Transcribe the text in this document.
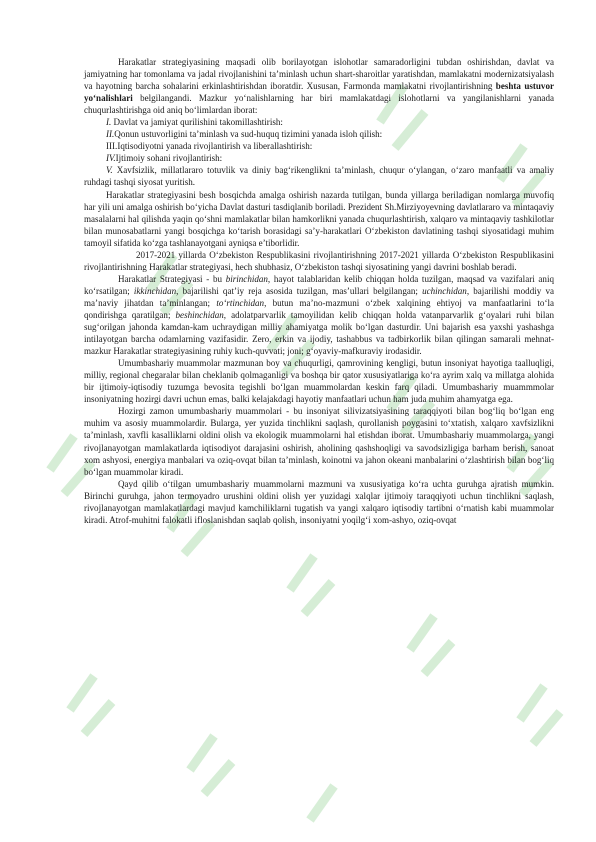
Harakatlar strategiyasining maqsadi olib borilayotgan islohotlar samaradorligini tubdan oshirishdan, davlat va jamiyatning har tomonlama va jadal rivojlanishini ta’minlash uchun shart-sharoitlar yaratishdan, mamlakatni modernizatsiyalash va hayotning barcha sohalarini erkinlashtirishdan iboratdir. Xususan, Farmonda mamlakatni rivojlantirishning beshta ustuvor yo‘nalishlari belgilangandi. Mazkur yo‘nalishlarning har biri mamlakatdagi islohotlarni va yangilanishlarni yanada chuqurlashtirishga oid aniq bo‘limlardan iborat:

I. Davlat va jamiyat qurilishini takomillashtirish:

II.Qonun ustuvorligini ta’minlash va sud-huquq tizimini yanada isloh qilish:

III.Iqtisodiyotni yanada rivojlantirish va liberallashtirish:

IV.Ijtimoiy sohani rivojlantirish:

V. Xavfsizlik, millatlararo totuvlik va diniy bag‘rikenglikni ta’minlash, chuqur o‘ylangan, o‘zaro manfaatli va amaliy ruhdagi tashqi siyosat yuritish.

Harakatlar strategiyasini besh bosqichda amalga oshirish nazarda tutilgan, bunda yillarga beriladigan nomlarga muvofiq har yili uni amalga oshirish bo‘yicha Davlat dasturi tasdiqlanib boriladi. Prezident Sh.Mirziyoyevning davlatlararo va mintaqaviy masalalarni hal qilishda yaqin qo‘shni mamlakatlar bilan hamkorlikni yanada chuqurlashtirish, xalqaro va mintaqaviy tashkilotlar bilan munosabatlarni yangi bosqichga ko‘tarish borasidagi sa’y-harakatlari O‘zbekiston davlatining tashqi siyosatidagi muhim tamoyil sifatida ko‘zga tashlanayotgani ayniqsa e’tiborlidir.

2017-2021 yillarda O‘zbekiston Respublikasini rivojlantirishning 2017-2021 yillarda O‘zbekiston Respublikasini rivojlantirishning Harakatlar strategiyasi, hech shubhasiz, O‘zbekiston tashqi siyosatining yangi davrini boshlab beradi.

Harakatlar Strategiyasi - bu birinchidan, hayot talablaridan kelib chiqqan holda tuzilgan, maqsad va vazifalari aniq ko‘rsatilgan; ikkinchidan, bajarilishi qat’iy reja asosida tuzilgan, mas’ullari belgilangan; uchinchidan, bajarilishi moddiy va ma’naviy jihatdan ta’minlangan; to‘rtinchidan, butun ma’no-mazmuni o‘zbek xalqining ehtiyoj va manfaatlarini to‘la qondirishga qaratilgan; beshinchidan, adolatparvarlik tamoyilidan kelib chiqqan holda vatanparvarlik g‘oyalari ruhi bilan sug‘orilgan jahonda kamdan-kam uchraydigan milliy ahamiyatga molik bo‘lgan dasturdir. Uni bajarish esa yaxshi yashashga intilayotgan barcha odamlarning vazifasidir. Zero, erkin va ijodiy, tashabbus va tadbirkorlik bilan qilingan samarali mehnat-mazkur Harakatlar strategiyasining ruhiy kuch-quvvati; joni; g‘oyaviy-mafkuraviy irodasidir.

Umumbashariy muammolar mazmunan boy va chuqurligi, qamrovining kengligi, butun insoniyat hayotiga taalluqligi, milliy, regional chegaralar bilan cheklanib qolmaganligi va boshqa bir qator xususiyatlariga ko‘ra ayrim xalq va millatga alohida bir ijtimoiy-iqtisodiy tuzumga bevosita tegishli bo‘lgan muammolardan keskin farq qiladi. Umumbashariy muammmolar insoniyatning hozirgi davri uchun emas, balki kelajakdagi hayotiy manfaatlari uchun ham juda muhim ahamyatga ega.

Hozirgi zamon umumbashariy muammolari - bu insoniyat silivizatsiyasining taraqqiyoti bilan bog‘liq bo‘lgan eng muhim va asosiy muammolardir. Bularga, yer yuzida tinchlikni saqlash, qurollanish poygasini to‘xtatish, xalqaro xavfsizlikni ta’minlash, xavfli kasalliklarni oldini olish va ekologik muammolarni hal etishdan iborat. Umumbashariy muammolarga, yangi rivojlanayotgan mamlakatlarda iqtisodiyot darajasini oshirish, aholining qashshoqligi va savodsizligiga barham berish, sanoat xom ashyosi, energiya manbalari va oziq-ovqat bilan ta’minlash, koinotni va jahon okeani manbalarini o‘zlashtirish bilan bog‘liq bo‘lgan muammolar kiradi.

Qayd qilib o‘tilgan umumbashariy muammolarni mazmuni va xususiyatiga ko‘ra uchta guruhga ajratish mumkin. Birinchi guruhga, jahon termoyadro urushini oldini olish yer yuzidagi xalqlar ijtimoiy taraqqiyoti uchun tinchlikni saqlash, rivojlanayotgan mamlakatlardagi mavjud kamchiliklarni tugatish va yangi xalqaro iqtisodiy tartibni o‘rnatish kabi muammolar kiradi. Atrof-muhitni falokatli ifloslanishdan saqlab qolish, insoniyatni yoqilg‘i xom-ashyo, oziq-ovqat
